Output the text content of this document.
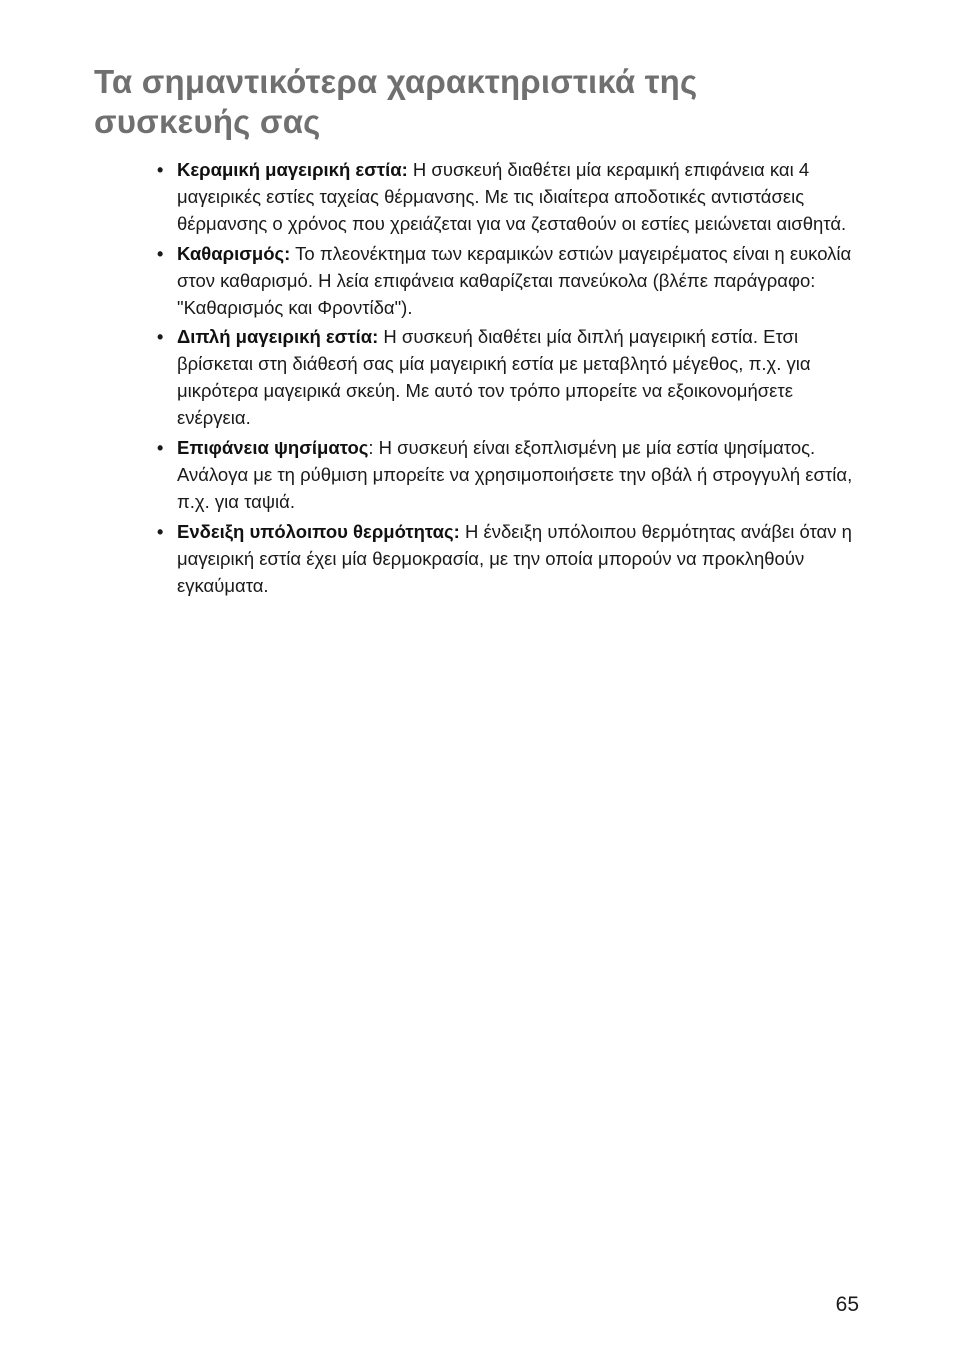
Τα σημαντικότερα χαρακτηριστικά της συσκευής σας
• Κεραμική μαγειρική εστία: Η συσκευή διαθέτει μία κεραμική επιφάνεια και 4 μαγειρικές εστίες ταχείας θέρμανσης. Με τις ιδιαίτερα αποδοτικές αντιστάσεις θέρμανσης ο χρόνος που χρειάζεται για να ζεσταθούν οι εστίες μειώνεται αισθητά.
• Καθαρισμός: Το πλεονέκτημα των κεραμικών εστιών μαγειρέματος είναι η ευκολία στον καθαρισμό. Η λεία επιφάνεια καθαρίζεται πανεύκολα (βλέπε παράγραφο: "Καθαρισμός και Φροντίδα").
• Διπλή μαγειρική εστία: Η συσκευή διαθέτει μία διπλή μαγειρική εστία. Ετσι βρίσκεται στη διάθεσή σας μία μαγειρική εστία με μεταβλητό μέγεθος, π.χ. για μικρότερα μαγειρικά σκεύη. Με αυτό τον τρόπο μπορείτε να εξοικονομήσετε ενέργεια.
• Επιφάνεια ψησίματος: Η συσκευή είναι εξοπλισμένη με μία εστία ψησίματος. Ανάλογα με τη ρύθμιση μπορείτε να χρησιμοποιήσετε την οβάλ ή στρογγυλή εστία, π.χ. για ταψιά.
• Ενδειξη υπόλοιπου θερμότητας: Η ένδειξη υπόλοιπου θερμότητας ανάβει όταν η μαγειρική εστία έχει μία θερμοκρασία, με την οποία μπορούν να προκληθούν εγκαύματα.
65
